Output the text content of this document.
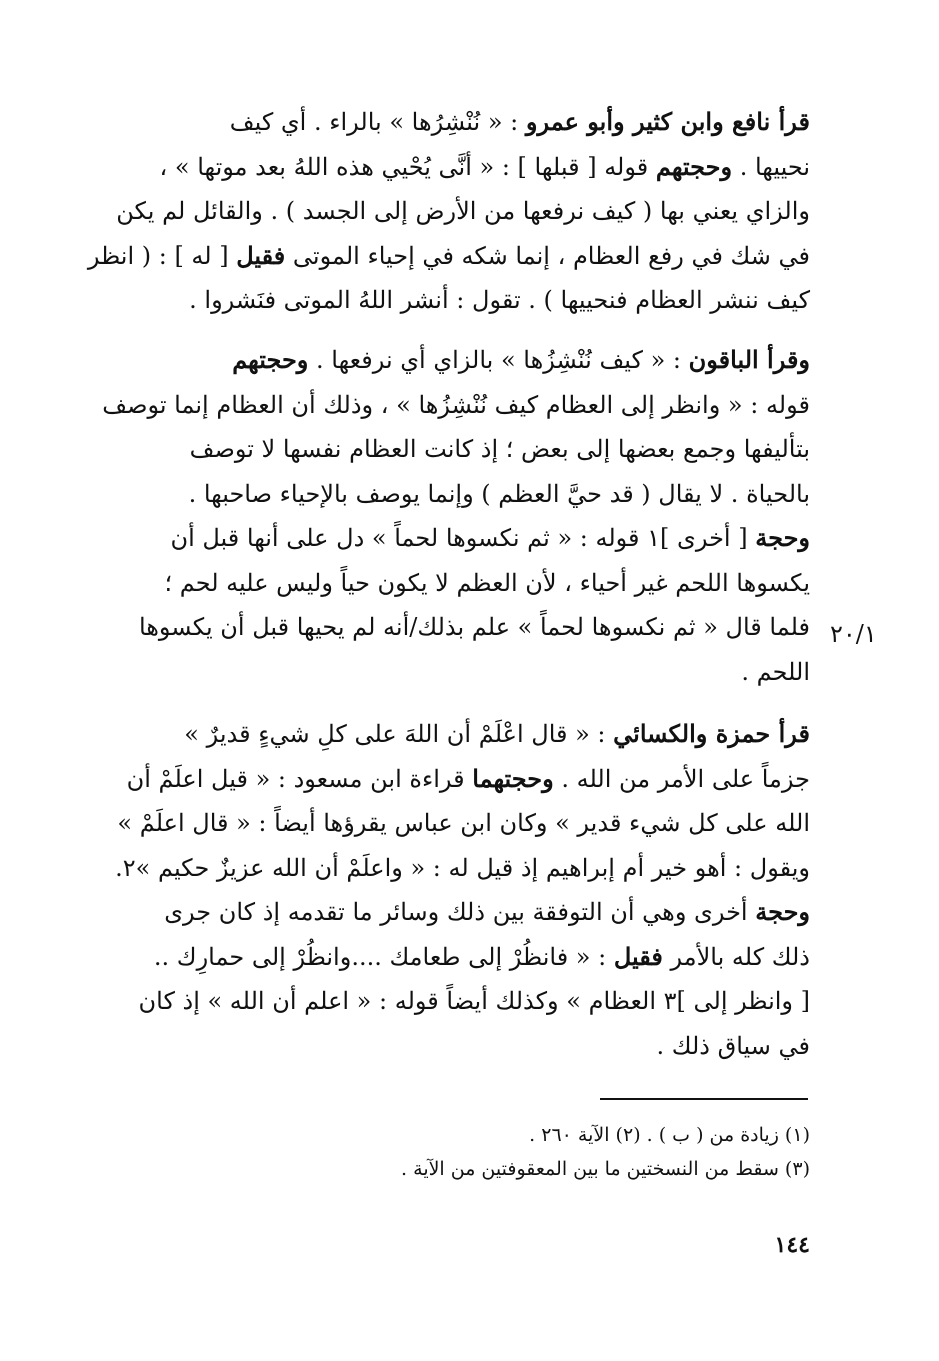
قرأ نافع وابن كثير وأبو عمرو : « نُنْشِرُها » بالراء . أي كيف
نحييها . وحجتهم قوله [ قبلها ] : « أنَّى يُحْيي هذه اللهُ بعد موتها » ،
والزاي يعني بها ( كيف نرفعها من الأرض إلى الجسد ) . والقائل لم يكن
في شك في رفع العظام ، إنما شكه في إحياء الموتى فقيل [ له ] : ( انظر
كيف ننشر العظام فنحييها ) . تقول : أنشر اللهُ الموتى فنَشروا .
وقرأ الباقون : « كيف نُنْشِزُها » بالزاي أي نرفعها . وحجتهم
قوله : « وانظر إلى العظام كيف نُنْشِزُها » ، وذلك أن العظام إنما توصف
بتأليفها وجمع بعضها إلى بعض ؛ إذ كانت العظام نفسها لا توصف
بالحياة . لا يقال ( قد حيَّ العظم ) وإنما يوصف بالإحياء صاحبها .
وحجة [ أخرى ]١ قوله : « ثم نكسوها لحماً » دل على أنها قبل أن
يكسوها اللحم غير أحياء ، لأن العظم لا يكون حياً وليس عليه لحم ؛
فلما قال « ثم نكسوها لحماً » علم بذلك/أنه لم يحيها قبل أن يكسوها
اللحم .
قرأ حمزة والكسائي : « قال اعْلَمْ أن اللهَ على كلِ شيءٍ قديرٌ »
جزماً على الأمر من الله . وحجتهما قراءة ابن مسعود : « قيل اعلَمْ أن
الله على كل شيء قدير » وكان ابن عباس يقرؤها أيضاً : « قال اعلَمْ »
ويقول : أهو خير أم إبراهيم إذ قيل له : « واعلَمْ أن الله عزيزٌ حكيم »٢.
وحجة أخرى وهي أن التوفقة بين ذلك وسائر ما تقدمه إذ كان جرى
ذلك كله بالأمر فقيل : « فانظُرْ إلى طعامك ....وانظُرْ إلى حمارِك ..
[ وانظر إلى ]٣ العظام » وكذلك أيضاً قوله : « اعلم أن الله » إذ كان
في سياق ذلك .
٢٠/١
(١) زيادة من ( ب ) . (٢) الآية ٢٦٠ .
(٣) سقط من النسختين ما بين المعقوفتين من الآية .
١٤٤
